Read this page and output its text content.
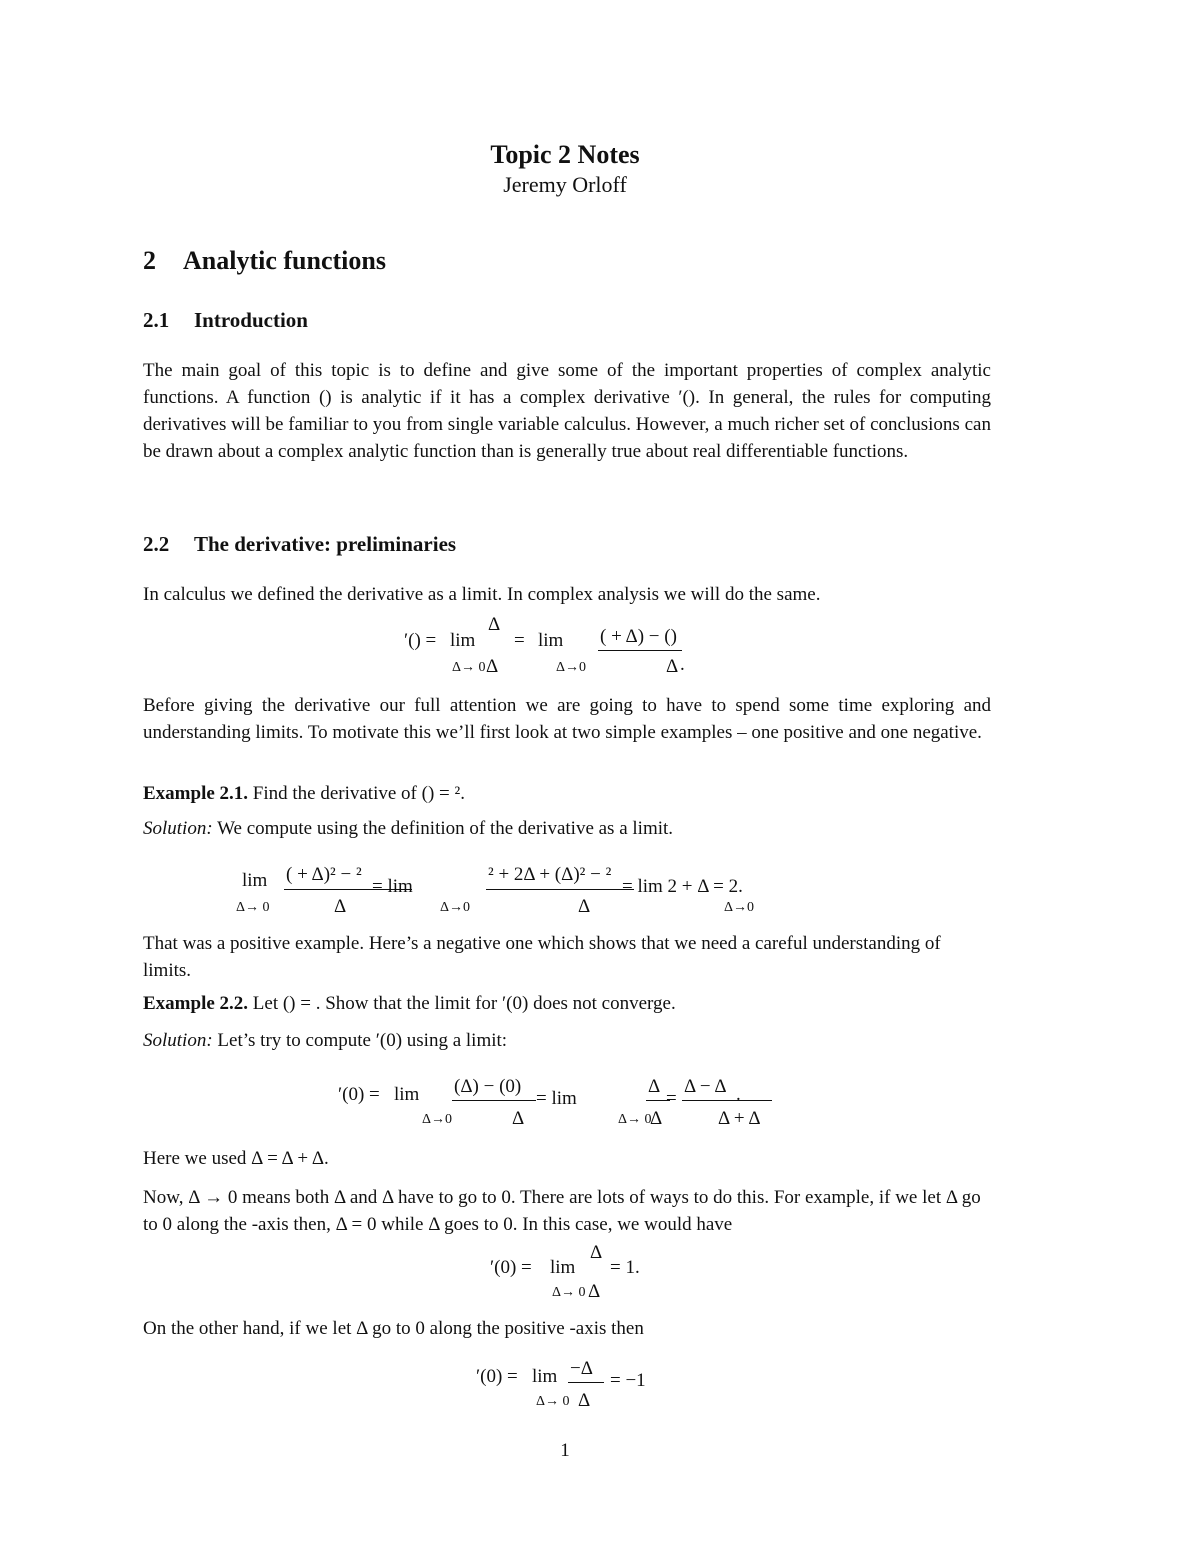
Topic 2 Notes
Jeremy Orloff
2 Analytic functions
2.1 Introduction
The main goal of this topic is to define and give some of the important properties of complex analytic functions. A function () is analytic if it has a complex derivative ′(). In general, the rules for computing derivatives will be familiar to you from single variable calculus. However, a much richer set of conclusions can be drawn about a complex analytic function than is generally true about real differentiable functions.
2.2 The derivative: preliminaries
In calculus we defined the derivative as a limit. In complex analysis we will do the same.
′() = lim
Δ
Δ→ 0 Δ
= lim ( + Δ) − ()
Δ→0	Δ .
Before giving the derivative our full attention we are going to have to spend some time exploring and understanding limits. To motivate this we’ll first look at two simple examples – one positive and one negative.
Example 2.1. Find the derivative of () = ².
Solution: We compute using the definition of the derivative as a limit.
lim ( + Δ)² − ²
Δ→ 0	Δ
= lim
² + 2Δ + (Δ)² − ²
Δ→0	Δ
= lim 2 + Δ = 2.
Δ→0
That was a positive example. Here’s a negative one which shows that we need a careful understanding of limits.
Example 2.2. Let () = . Show that the limit for ′(0) does not converge.
Solution: Let’s try to compute ′(0) using a limit:
′(0) = lim (Δ) − (0)
Δ→0	Δ
= lim
Δ
Δ→ 0
Δ
=
Δ − Δ
Δ + Δ
.
Here we used Δ = Δ + Δ.
Now, Δ → 0 means both Δ and Δ have to go to 0. There are lots of ways to do this. For example, if we let Δ go to 0 along the -axis then, Δ = 0 while Δ goes to 0. In this case, we would have
′(0) = lim
Δ
Δ→ 0 Δ
= 1.
On the other hand, if we let Δ go to 0 along the positive -axis then
′(0) = lim −Δ
Δ→ 0 Δ
= −1
1
